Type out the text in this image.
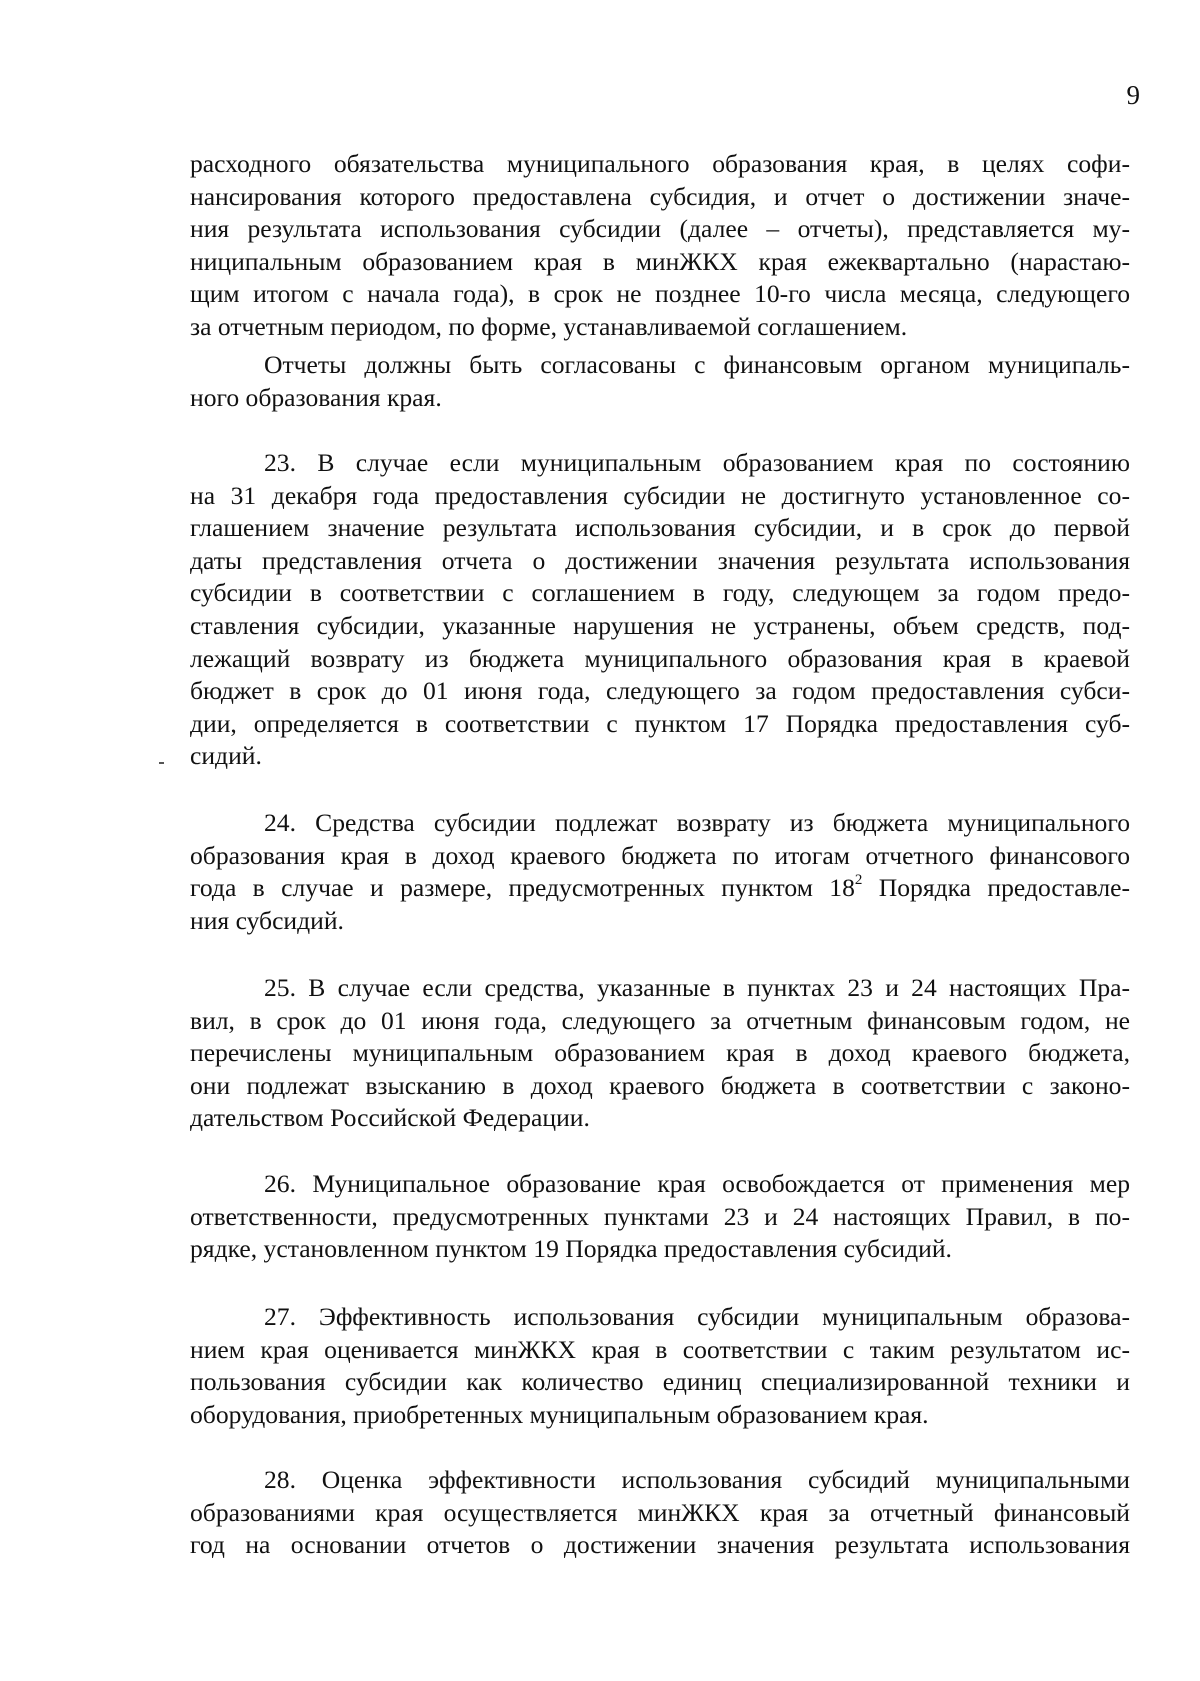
9
расходного обязательства муниципального образования края, в целях софи-
нансирования которого предоставлена субсидия, и отчет о достижении значе-
ния результата использования субсидии (далее – отчеты), представляется му-
ниципальным образованием края в минЖКХ края ежеквартально (нарастаю-
щим итогом с начала года), в срок не позднее 10-го числа месяца, следующего
за отчетным периодом, по форме, устанавливаемой соглашением.
Отчеты должны быть согласованы с финансовым органом муниципаль-
ного образования края.
23. В случае если муниципальным образованием края по состоянию
на 31 декабря года предоставления субсидии не достигнуто установленное со-
глашением значение результата использования субсидии, и в срок до первой
даты представления отчета о достижении значения результата использования
субсидии в соответствии с соглашением в году, следующем за годом предо-
ставления субсидии, указанные нарушения не устранены, объем средств, под-
лежащий возврату из бюджета муниципального образования края в краевой
бюджет в срок до 01 июня года, следующего за годом предоставления субси-
дии, определяется в соответствии с пунктом 17 Порядка предоставления суб-
сидий.
24. Средства субсидии подлежат возврату из бюджета муниципального
образования края в доход краевого бюджета по итогам отчетного финансового
года в случае и размере, предусмотренных пунктом $18^2$ Порядка предоставле-
ния субсидий.
25. В случае если средства, указанные в пунктах 23 и 24 настоящих Пра-
вил, в срок до 01 июня года, следующего за отчетным финансовым годом, не
перечислены муниципальным образованием края в доход краевого бюджета,
они подлежат взысканию в доход краевого бюджета в соответствии с законо-
дательством Российской Федерации.
26. Муниципальное образование края освобождается от применения мер
ответственности, предусмотренных пунктами 23 и 24 настоящих Правил, в по-
рядке, установленном пунктом 19 Порядка предоставления субсидий.
27. Эффективность использования субсидии муниципальным образова-
нием края оценивается минЖКХ края в соответствии с таким результатом ис-
пользования субсидии как количество единиц специализированной техники и
оборудования, приобретенных муниципальным образованием края.
28. Оценка эффективности использования субсидий муниципальными
образованиями края осуществляется минЖКХ края за отчетный финансовый
год на основании отчетов о достижении значения результата использования
